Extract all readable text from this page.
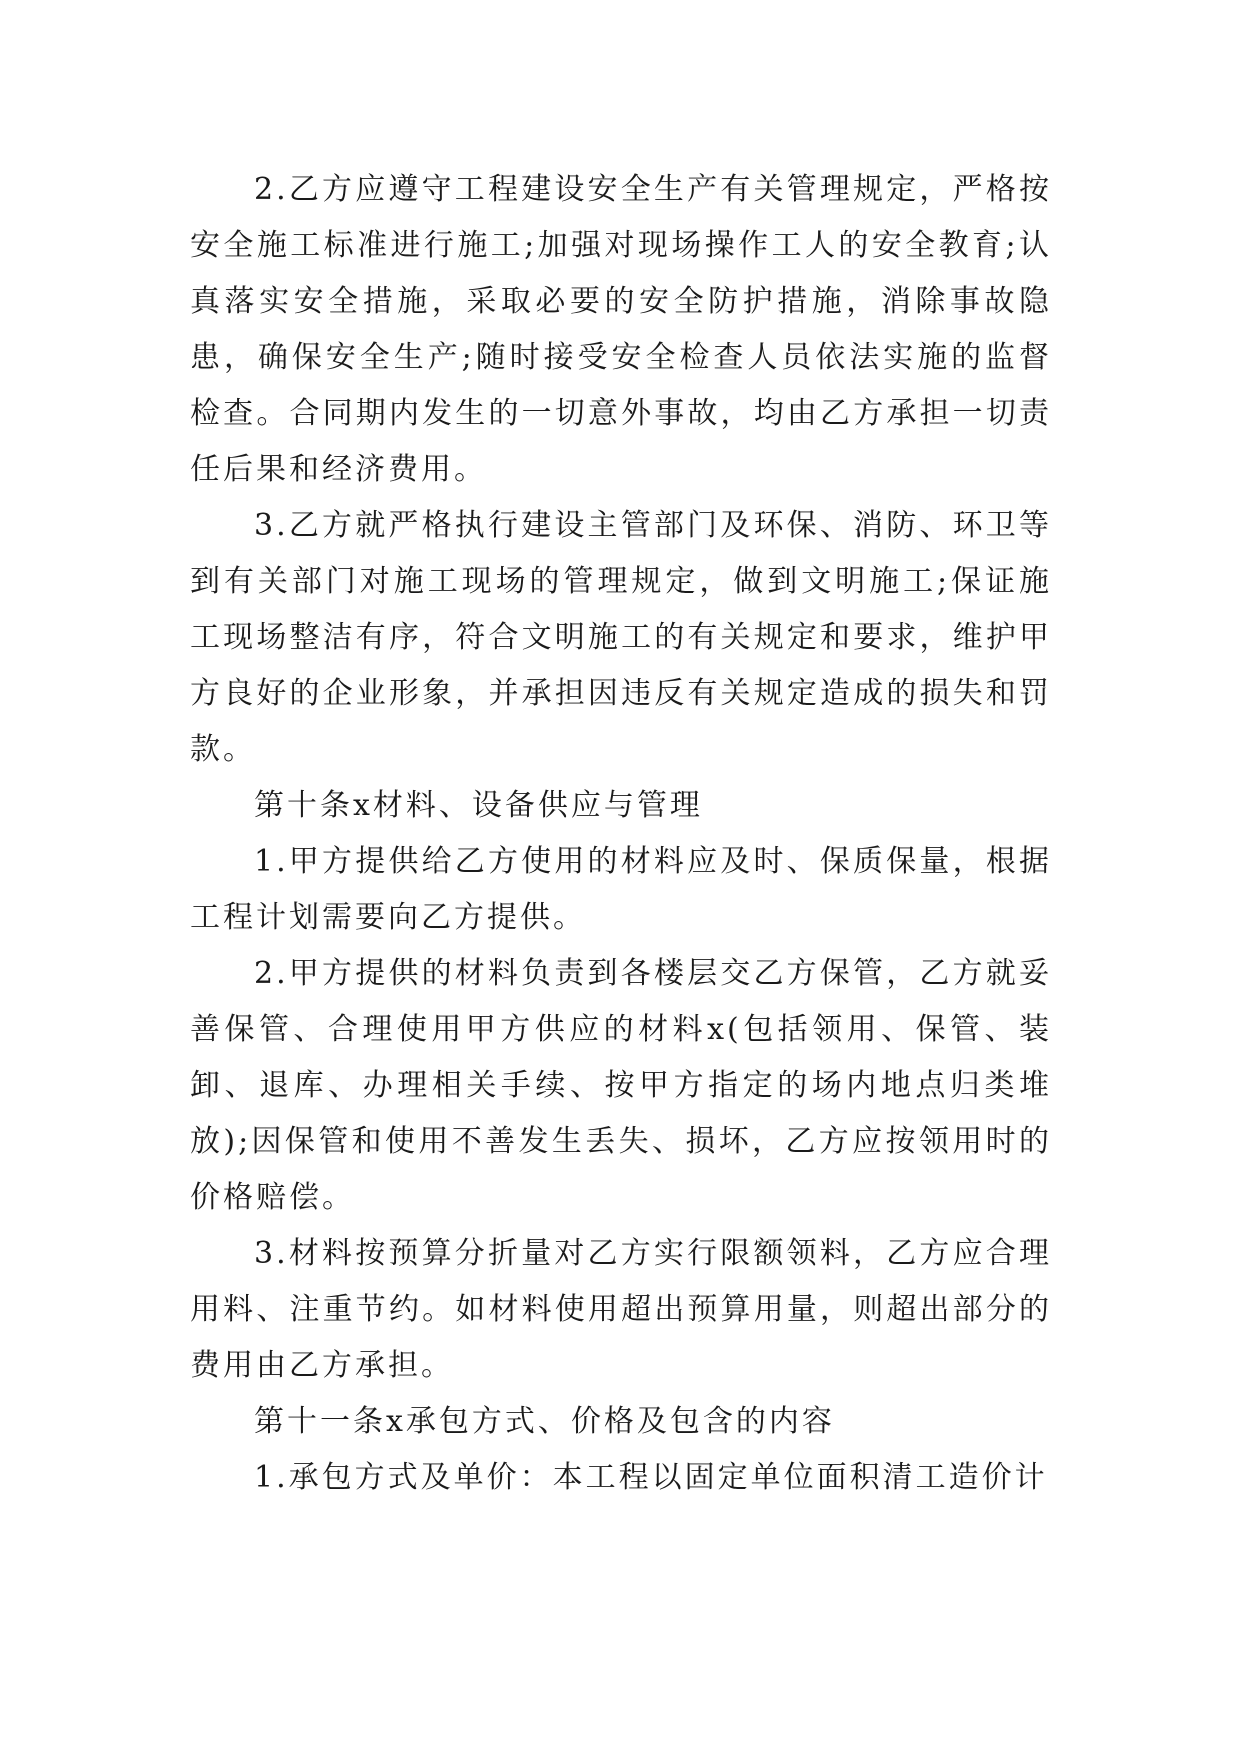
2.乙方应遵守工程建设安全生产有关管理规定，严格按安全施工标准进行施工;加强对现场操作工人的安全教育;认真落实安全措施，采取必要的安全防护措施，消除事故隐患，确保安全生产;随时接受安全检查人员依法实施的监督检查。合同期内发生的一切意外事故，均由乙方承担一切责任后果和经济费用。

3.乙方就严格执行建设主管部门及环保、消防、环卫等到有关部门对施工现场的管理规定，做到文明施工;保证施工现场整洁有序，符合文明施工的有关规定和要求，维护甲方良好的企业形象，并承担因违反有关规定造成的损失和罚款。

第十条x材料、设备供应与管理

1.甲方提供给乙方使用的材料应及时、保质保量，根据工程计划需要向乙方提供。

2.甲方提供的材料负责到各楼层交乙方保管，乙方就妥善保管、合理使用甲方供应的材料x(包括领用、保管、装卸、退库、办理相关手续、按甲方指定的场内地点归类堆放);因保管和使用不善发生丢失、损坏，乙方应按领用时的价格赔偿。

3.材料按预算分折量对乙方实行限额领料，乙方应合理用料、注重节约。如材料使用超出预算用量，则超出部分的费用由乙方承担。

第十一条x承包方式、价格及包含的内容

1.承包方式及单价：本工程以固定单位面积清工造价计
